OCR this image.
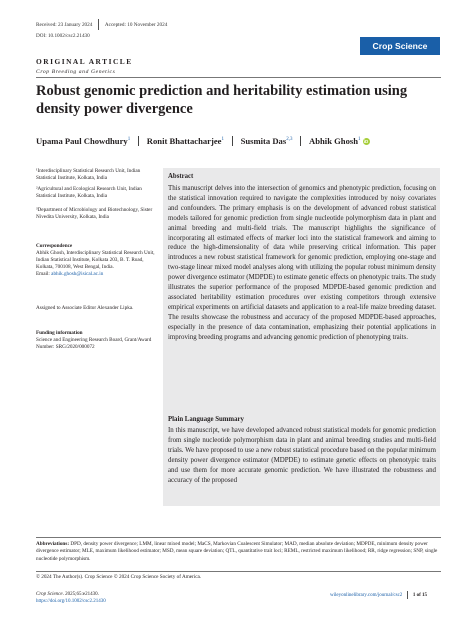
Received: 23 January 2024 Accepted: 10 November 2024
DOI: 10.1002/csc2.21430
Crop Science
ORIGINAL ARTICLE
Crop Breeding and Genetics
Robust genomic prediction and heritability estimation using density power divergence
Upama Paul Chowdhury$^1$ Ronit Bhattacharjee$^1$ Susmita Das$^{2,3}$ Abhik Ghosh$^1$ iD
¹Interdisciplinary Statistical Research Unit, Indian Statistical Institute, Kolkata, India
²Agricultural and Ecological Research Unit, Indian Statistical Institute, Kolkata, India
³Department of Microbiology and Biotechnology, Sister Nivedita University, Kolkata, India
Correspondence
Abhik Ghosh, Interdisciplinary Statistical Research Unit, Indian Statistical Institute, Kolkata 203, B. T. Road, Kolkata, 700108, West Bengal, India.
Email: abhik.ghosh@isical.ac.in
Assigned to Associate Editor Alexander Lipka.
Funding information
Science and Engineering Research Board, Grant/Award Number: SRG/2020/000072
Abstract
This manuscript delves into the intersection of genomics and phenotypic prediction, focusing on the statistical innovation required to navigate the complexities introduced by noisy covariates and confounders. The primary emphasis is on the development of advanced robust statistical models tailored for genomic prediction from single nucleotide polymorphism data in plant and animal breeding and multi-field trials. The manuscript highlights the significance of incorporating all estimated effects of marker loci into the statistical framework and aiming to reduce the high-dimensionality of data while preserving critical information. This paper introduces a new robust statistical framework for genomic prediction, employing one-stage and two-stage linear mixed model analyses along with utilizing the popular robust minimum density power divergence estimator (MDPDE) to estimate genetic effects on phenotypic traits. The study illustrates the superior performance of the proposed MDPDE-based genomic prediction and associated heritability estimation procedures over existing competitors through extensive empirical experiments on artificial datasets and application to a real-life maize breeding dataset. The results showcase the robustness and accuracy of the proposed MDPDE-based approaches, especially in the presence of data contamination, emphasizing their potential applications in improving breeding programs and advancing genomic prediction of phenotyping traits.
Plain Language Summary
In this manuscript, we have developed advanced robust statistical models for genomic prediction from single nucleotide polymorphism data in plant and animal breeding studies and multi-field trials. We have proposed to use a new robust statistical procedure based on the popular minimum density power divergence estimator (MDPDE) to estimate genetic effects on phenotypic traits and use them for more accurate genomic prediction. We have illustrated the robustness and accuracy of the proposed
Abbreviations: DPD, density power divergence; LMM, linear mixed model; MaCS, Markovian Coalescent Simulator; MAD, median absolute deviation; MDPDE, minimum density power divergence estimator; MLE, maximum likelihood estimator; MSD, mean square deviation; QTL, quantitative trait loci; REML, restricted maximum likelihood; RR, ridge regression; SNP, single nucleotide polymorphism.
© 2024 The Author(s). Crop Science © 2024 Crop Science Society of America.
Crop Science. 2025;65:e21430.
https://doi.org/10.1002/csc2.21430
wileyonlinelibrary.com/journal/csc2 1 of 15
